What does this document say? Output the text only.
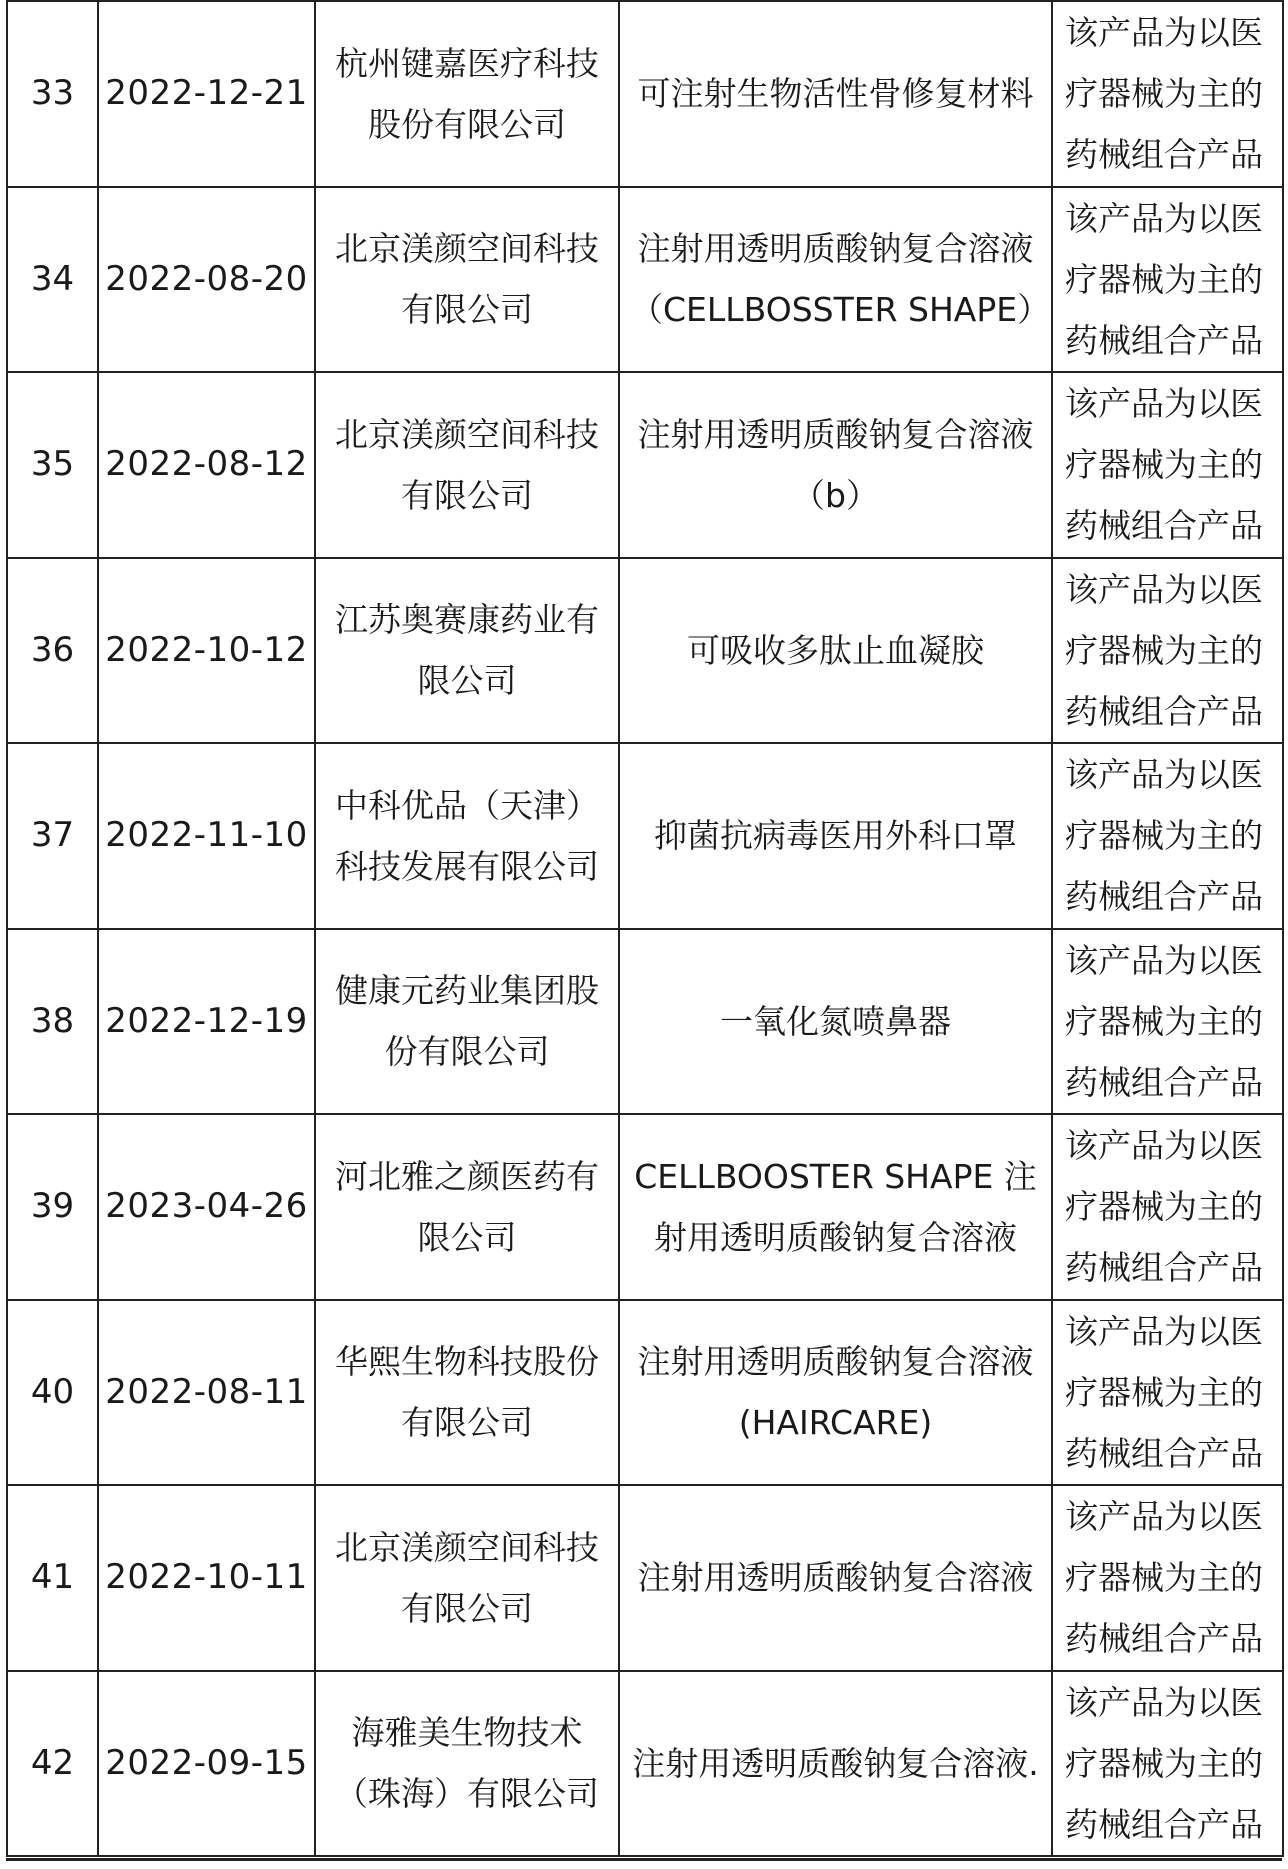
33	2022-12-21	杭州键嘉医疗科技股份有限公司	可注射生物活性骨修复材料	该产品为以医疗器械为主的药械组合产品
34	2022-08-20	北京渼颜空间科技有限公司	注射用透明质酸钠复合溶液（CELLBOSSTER SHAPE）	该产品为以医疗器械为主的药械组合产品
35	2022-08-12	北京渼颜空间科技有限公司	注射用透明质酸钠复合溶液（b）	该产品为以医疗器械为主的药械组合产品
36	2022-10-12	江苏奥赛康药业有限公司	可吸收多肽止血凝胶	该产品为以医疗器械为主的药械组合产品
37	2022-11-10	中科优品（天津）科技发展有限公司	抑菌抗病毒医用外科口罩	该产品为以医疗器械为主的药械组合产品
38	2022-12-19	健康元药业集团股份有限公司	一氧化氮喷鼻器	该产品为以医疗器械为主的药械组合产品
39	2023-04-26	河北雅之颜医药有限公司	CELLBOOSTER SHAPE 注射用透明质酸钠复合溶液	该产品为以医疗器械为主的药械组合产品
40	2022-08-11	华熙生物科技股份有限公司	注射用透明质酸钠复合溶液(HAIRCARE)	该产品为以医疗器械为主的药械组合产品
41	2022-10-11	北京渼颜空间科技有限公司	注射用透明质酸钠复合溶液	该产品为以医疗器械为主的药械组合产品
42	2022-09-15	海雅美生物技术（珠海）有限公司	注射用透明质酸钠复合溶液.	该产品为以医疗器械为主的药械组合产品
